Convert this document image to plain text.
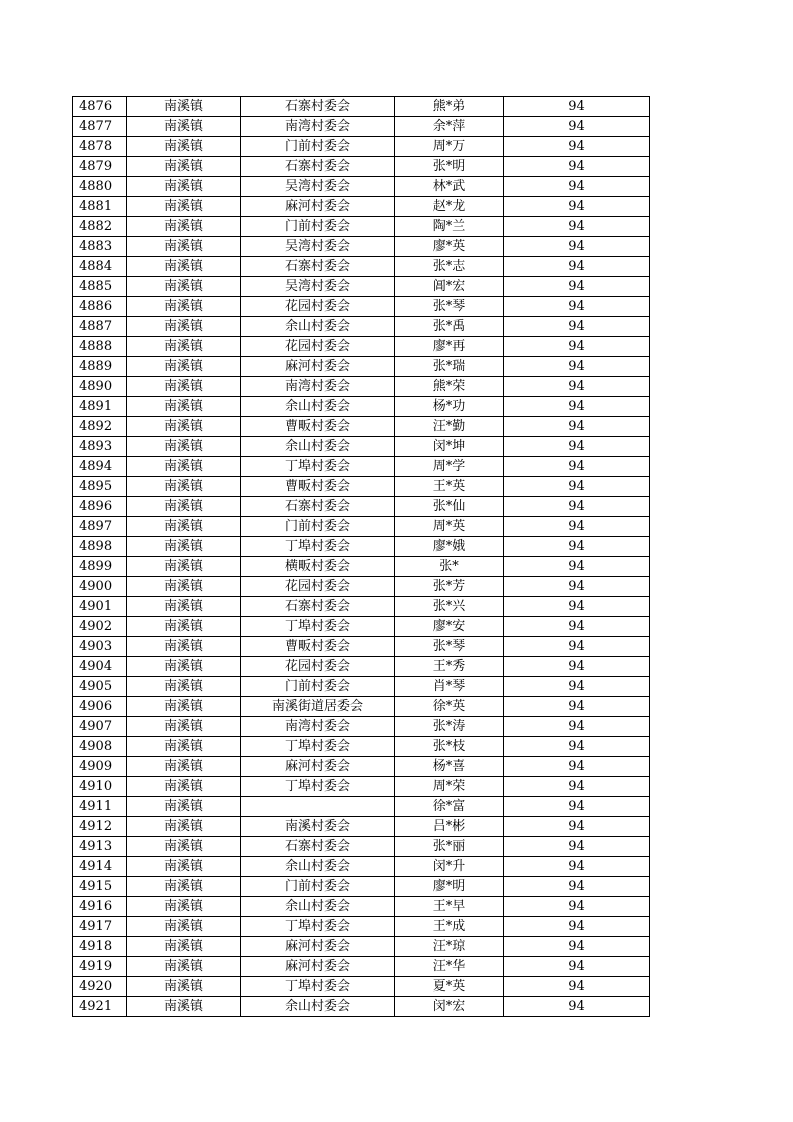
4876	南溪镇	石寨村委会	熊*弟	94
4877	南溪镇	南湾村委会	余*萍	94
4878	南溪镇	门前村委会	周*万	94
4879	南溪镇	石寨村委会	张*明	94
4880	南溪镇	吴湾村委会	林*武	94
4881	南溪镇	麻河村委会	赵*龙	94
4882	南溪镇	门前村委会	陶*兰	94
4883	南溪镇	吴湾村委会	廖*英	94
4884	南溪镇	石寨村委会	张*志	94
4885	南溪镇	吴湾村委会	阊*宏	94
4886	南溪镇	花园村委会	张*琴	94
4887	南溪镇	余山村委会	张*禹	94
4888	南溪镇	花园村委会	廖*再	94
4889	南溪镇	麻河村委会	张*瑞	94
4890	南溪镇	南湾村委会	熊*荣	94
4891	南溪镇	余山村委会	杨*功	94
4892	南溪镇	曹畈村委会	汪*勤	94
4893	南溪镇	余山村委会	闵*坤	94
4894	南溪镇	丁埠村委会	周*学	94
4895	南溪镇	曹畈村委会	王*英	94
4896	南溪镇	石寨村委会	张*仙	94
4897	南溪镇	门前村委会	周*英	94
4898	南溪镇	丁埠村委会	廖*娥	94
4899	南溪镇	横畈村委会	张*	94
4900	南溪镇	花园村委会	张*芳	94
4901	南溪镇	石寨村委会	张*兴	94
4902	南溪镇	丁埠村委会	廖*安	94
4903	南溪镇	曹畈村委会	张*琴	94
4904	南溪镇	花园村委会	王*秀	94
4905	南溪镇	门前村委会	肖*琴	94
4906	南溪镇	南溪街道居委会	徐*英	94
4907	南溪镇	南湾村委会	张*涛	94
4908	南溪镇	丁埠村委会	张*枝	94
4909	南溪镇	麻河村委会	杨*喜	94
4910	南溪镇	丁埠村委会	周*荣	94
4911	南溪镇		徐*富	94
4912	南溪镇	南溪村委会	吕*彬	94
4913	南溪镇	石寨村委会	张*丽	94
4914	南溪镇	余山村委会	闵*升	94
4915	南溪镇	门前村委会	廖*明	94
4916	南溪镇	余山村委会	王*早	94
4917	南溪镇	丁埠村委会	王*成	94
4918	南溪镇	麻河村委会	汪*琼	94
4919	南溪镇	麻河村委会	汪*华	94
4920	南溪镇	丁埠村委会	夏*英	94
4921	南溪镇	余山村委会	闵*宏	94
